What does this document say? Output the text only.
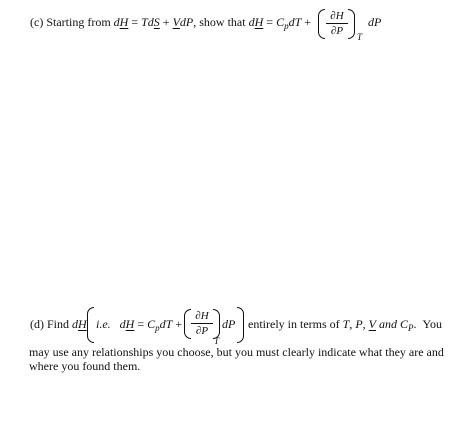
(c) Starting from dH = TdS + VdP, show that dH = $C_pdT$ +	∂H
∂P	T
dP
(d) Find dH i.e. dH = $C_pdT$ +
∂H
∂P
T
dP entirely in terms of T, P, V and $C_P$. You
may use any relationships you choose, but you must clearly indicate what they are and
where you found them.
